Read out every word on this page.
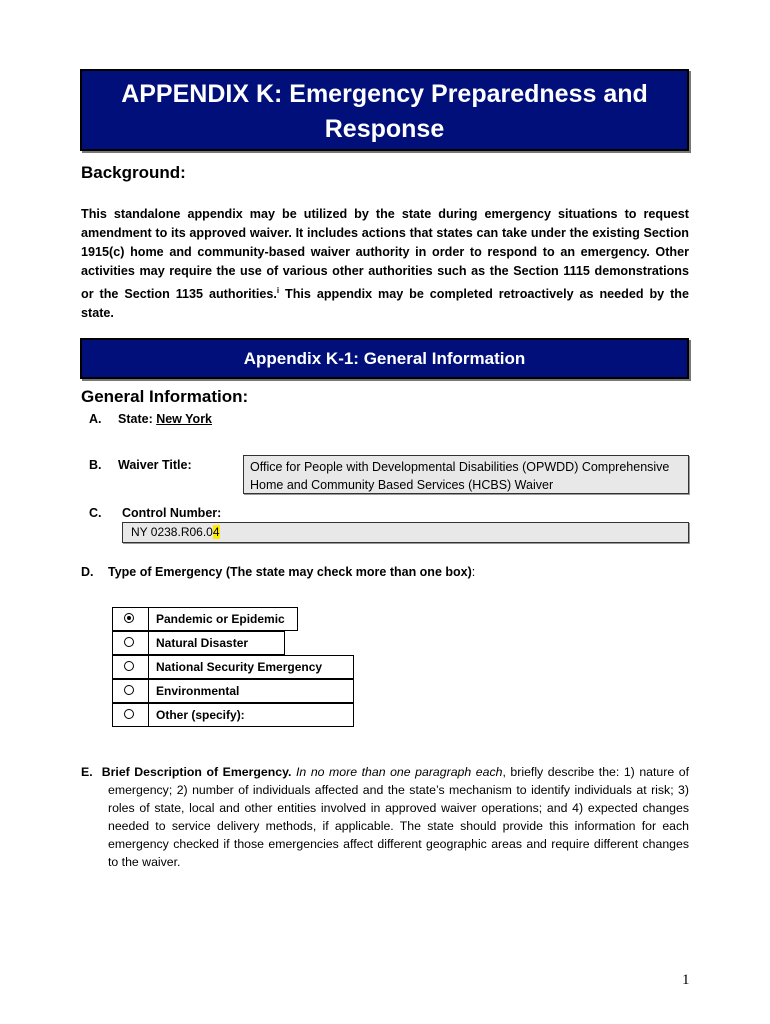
APPENDIX K: Emergency Preparedness and
Response
Background:
This standalone appendix may be utilized by the state during emergency situations to request amendment to its approved waiver. It includes actions that states can take under the existing Section 1915(c) home and community-based waiver authority in order to respond to an emergency. Other activities may require the use of various other authorities such as the Section 1115 demonstrations or the Section 1135 authorities.$^i$ This appendix may be completed retroactively as needed by the state.
Appendix K-1: General Information
General Information:
A. State: New York
B. Waiver Title:	Office for People with Developmental Disabilities (OPWDD) Comprehensive Home and Community Based Services (HCBS) Waiver
C. Control Number:
NY 0238.R06.04
D. Type of Emergency (The state may check more than one box):
Pandemic or Epidemic
Natural Disaster
National Security Emergency
Environmental
Other (specify):
E. Brief Description of Emergency. In no more than one paragraph each, briefly describe the: 1) nature of emergency; 2) number of individuals affected and the state’s mechanism to identify individuals at risk; 3) roles of state, local and other entities involved in approved waiver operations; and 4) expected changes needed to service delivery methods, if applicable. The state should provide this information for each emergency checked if those emergencies affect different geographic areas and require different changes to the waiver.
1
